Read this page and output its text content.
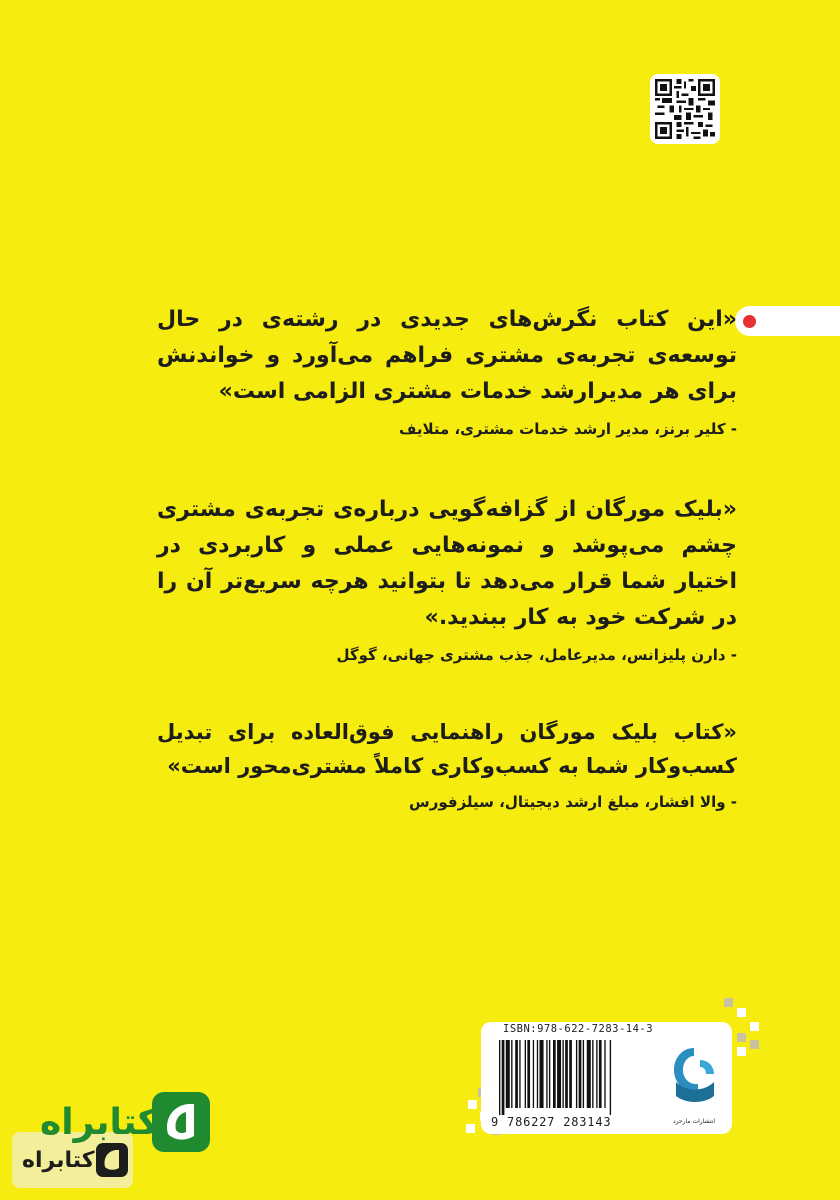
«این کتاب نگرش‌های جدیدی در رشته‌ی در حال توسعه‌ی تجربه‌ی مشتری فراهم می‌آورد و خواندنش برای هر مدیرارشد خدمات مشتری الزامی است»

- کلیر برنز، مدیر ارشد خدمات مشتری، متلایف

«بلیک مورگان از گزافه‌گویی درباره‌ی تجربه‌ی مشتری چشم می‌پوشد و نمونه‌هایی عملی و کاربردی در اختیار شما قرار می‌دهد تا بتوانید هرچه سریع‌تر آن را در شرکت خود به کار ببندید.»

- دارن پلیزانس، مدیرعامل، جذب مشتری جهانی، گوگل

«کتاب بلیک مورگان راهنمایی فوق‌العاده برای تبدیل کسب‌وکار شما به کسب‌وکاری کاملاً مشتری‌محور است»

- والا افشار، مبلغ ارشد دیجیتال، سیلزفورس
ISBN:978-622-7283-14-3
9 786227 283143	انتشارات مارحرد
کتابراه
کتابراه
